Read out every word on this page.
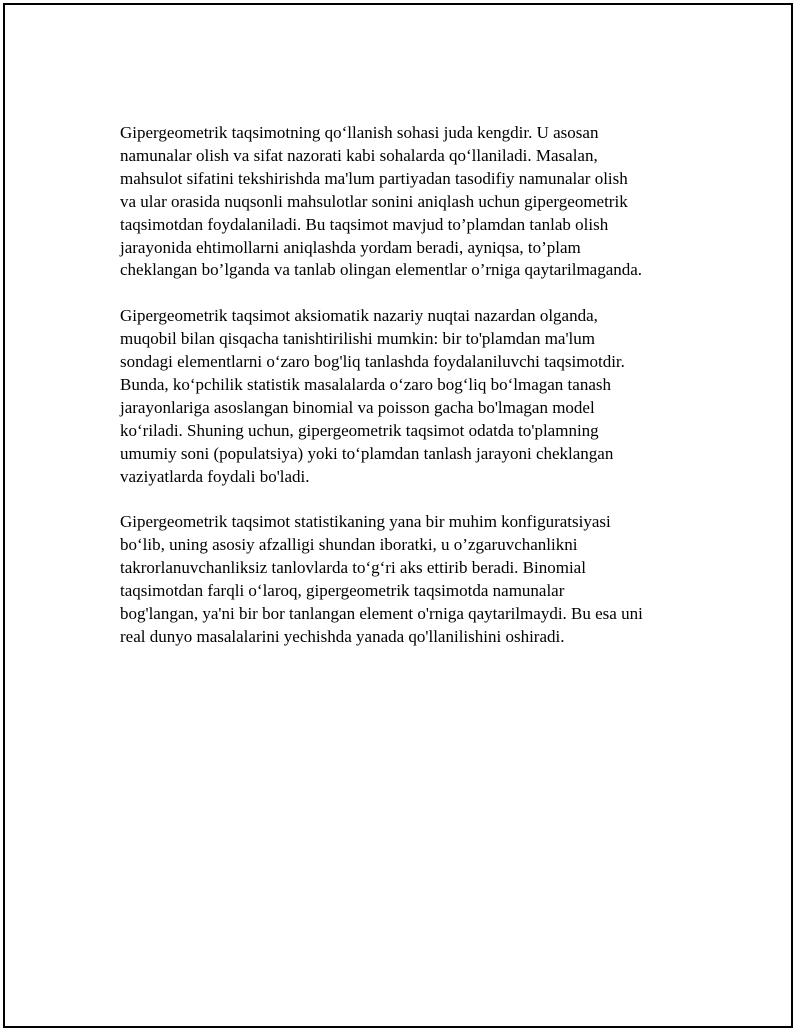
Gipergeometrik taqsimotning qo‘llanish sohasi juda kengdir. U asosan
namunalar olish va sifat nazorati kabi sohalarda qo‘llaniladi. Masalan,
mahsulot sifatini tekshirishda ma'lum partiyadan tasodifiy namunalar olish
va ular orasida nuqsonli mahsulotlar sonini aniqlash uchun gipergeometrik
taqsimotdan foydalaniladi. Bu taqsimot mavjud to’plamdan tanlab olish
jarayonida ehtimollarni aniqlashda yordam beradi, ayniqsa, to’plam
cheklangan bo’lganda va tanlab olingan elementlar o’rniga qaytarilmaganda.

Gipergeometrik taqsimot aksiomatik nazariy nuqtai nazardan olganda,
muqobil bilan qisqacha tanishtirilishi mumkin: bir to'plamdan ma'lum
sondagi elementlarni o‘zaro bog'liq tanlashda foydalaniluvchi taqsimotdir.
Bunda, ko‘pchilik statistik masalalarda o‘zaro bog‘liq bo‘lmagan tanash
jarayonlariga asoslangan binomial va poisson gacha bo'lmagan model
ko‘riladi. Shuning uchun, gipergeometrik taqsimot odatda to'plamning
umumiy soni (populatsiya) yoki to‘plamdan tanlash jarayoni cheklangan
vaziyatlarda foydali bo'ladi.

Gipergeometrik taqsimot statistikaning yana bir muhim konfiguratsiyasi
bo‘lib, uning asosiy afzalligi shundan iboratki, u o’zgaruvchanlikni
takrorlanuvchanliksiz tanlovlarda to‘g‘ri aks ettirib beradi. Binomial
taqsimotdan farqli o‘laroq, gipergeometrik taqsimotda namunalar
bog'langan, ya'ni bir bor tanlangan element o'rniga qaytarilmaydi. Bu esa uni
real dunyo masalalarini yechishda yanada qo'llanilishini oshiradi.
